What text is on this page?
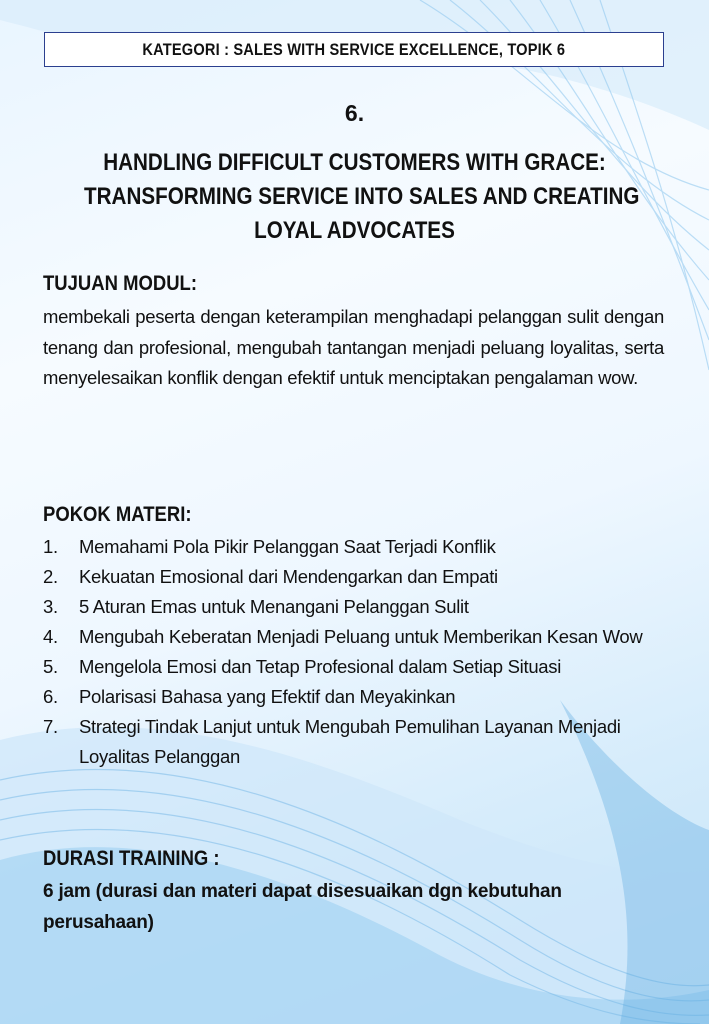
KATEGORI : SALES WITH SERVICE EXCELLENCE, TOPIK 6
6.
HANDLING DIFFICULT CUSTOMERS WITH GRACE:
TRANSFORMING SERVICE INTO SALES AND CREATING
LOYAL ADVOCATES
TUJUAN MODUL:

membekali peserta dengan keterampilan menghadapi pelanggan sulit dengan tenang dan profesional, mengubah tantangan menjadi peluang loyalitas, serta menyelesaikan konflik dengan efektif untuk menciptakan pengalaman wow.

POKOK MATERI:
1.	Memahami Pola Pikir Pelanggan Saat Terjadi Konflik
2.	Kekuatan Emosional dari Mendengarkan dan Empati
3.	5 Aturan Emas untuk Menangani Pelanggan Sulit
4.	Mengubah Keberatan Menjadi Peluang untuk Memberikan Kesan Wow
5.	Mengelola Emosi dan Tetap Profesional dalam Setiap Situasi
6.	Polarisasi Bahasa yang Efektif dan Meyakinkan
7.	Strategi Tindak Lanjut untuk Mengubah Pemulihan Layanan Menjadi Loyalitas Pelanggan
DURASI TRAINING :

6 jam (durasi dan materi dapat disesuaikan dgn kebutuhan perusahaan)
